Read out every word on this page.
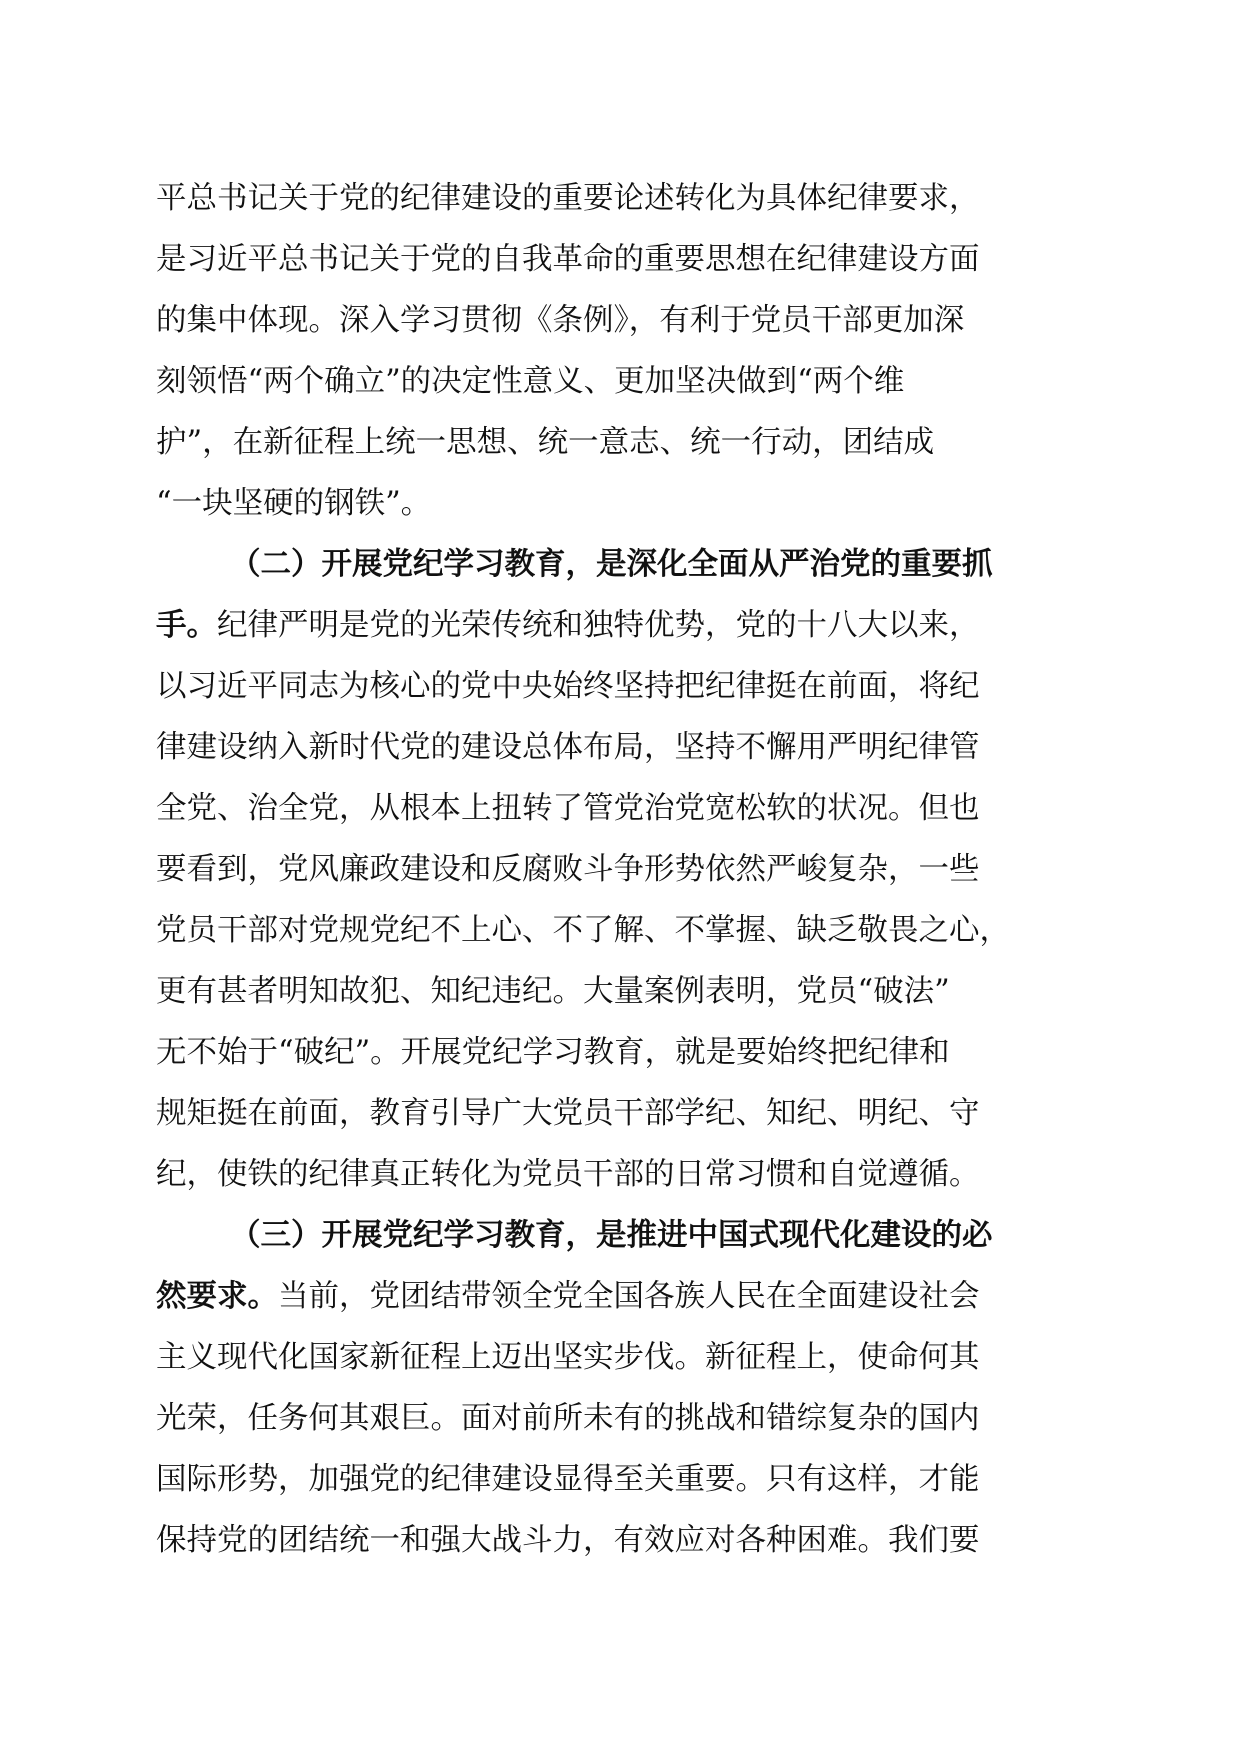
平总书记关于党的纪律建设的重要论述转化为具体纪律要求，
是习近平总书记关于党的自我革命的重要思想在纪律建设方面
的集中体现。深入学习贯彻《条例》，有利于党员干部更加深
刻领悟“两个确立”的决定性意义、更加坚决做到“两个维
护”，在新征程上统一思想、统一意志、统一行动，团结成
“一块坚硬的钢铁”。
（二）开展党纪学习教育，是深化全面从严治党的重要抓
手。纪律严明是党的光荣传统和独特优势，党的十八大以来，
以习近平同志为核心的党中央始终坚持把纪律挺在前面，将纪
律建设纳入新时代党的建设总体布局，坚持不懈用严明纪律管
全党、治全党，从根本上扭转了管党治党宽松软的状况。但也
要看到，党风廉政建设和反腐败斗争形势依然严峻复杂，一些
党员干部对党规党纪不上心、不了解、不掌握、缺乏敬畏之心，
更有甚者明知故犯、知纪违纪。大量案例表明，党员“破法”
无不始于“破纪”。开展党纪学习教育，就是要始终把纪律和
规矩挺在前面，教育引导广大党员干部学纪、知纪、明纪、守
纪，使铁的纪律真正转化为党员干部的日常习惯和自觉遵循。
（三）开展党纪学习教育，是推进中国式现代化建设的必
然要求。当前，党团结带领全党全国各族人民在全面建设社会
主义现代化国家新征程上迈出坚实步伐。新征程上，使命何其
光荣，任务何其艰巨。面对前所未有的挑战和错综复杂的国内
国际形势，加强党的纪律建设显得至关重要。只有这样，才能
保持党的团结统一和强大战斗力，有效应对各种困难。我们要
